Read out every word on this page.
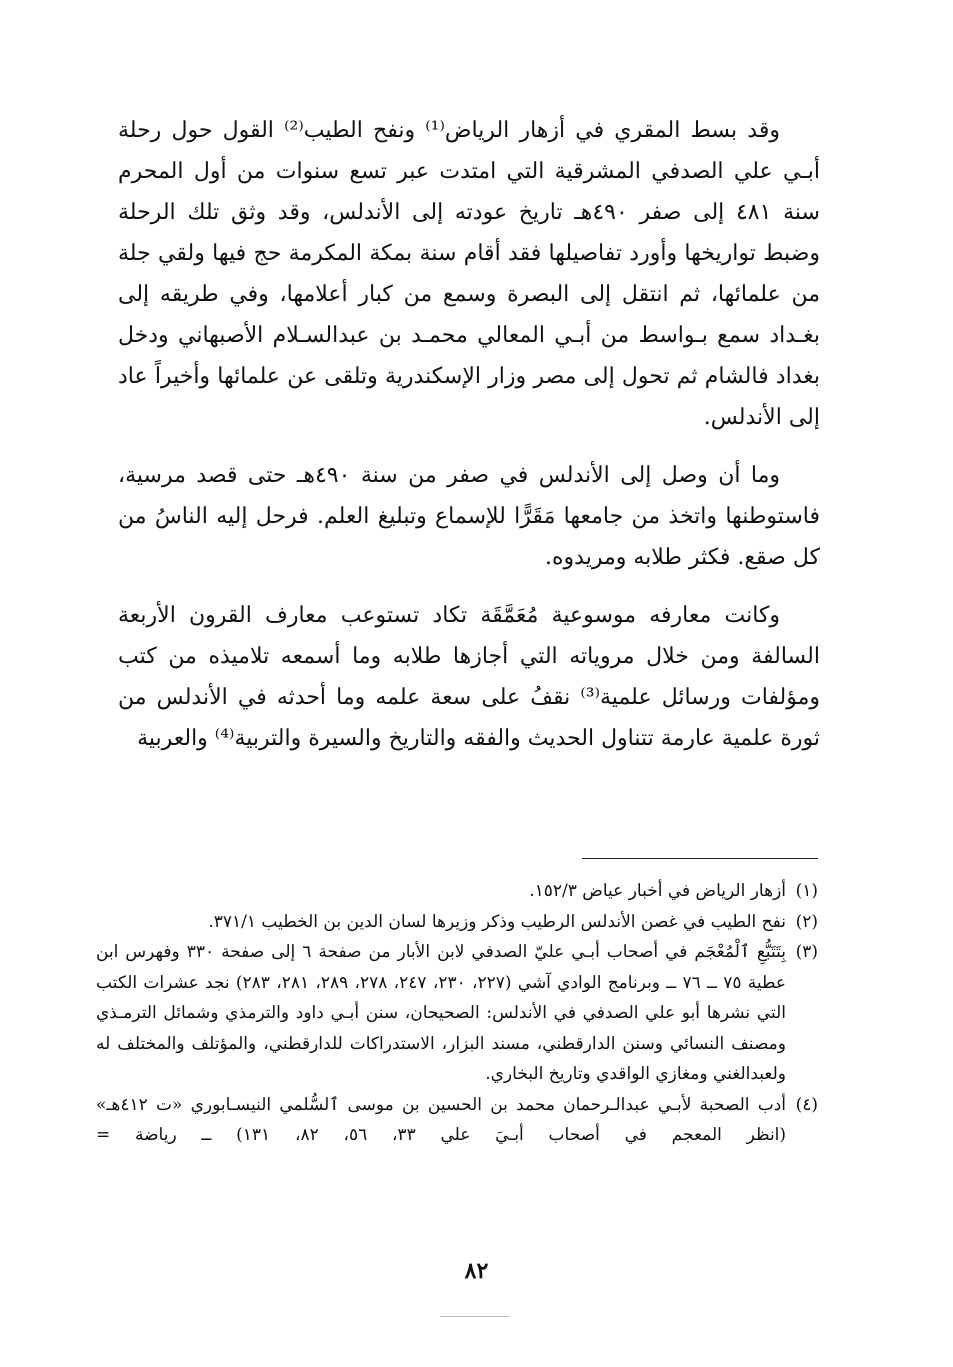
وقد بسط المقري في أزهار الرياض⁽¹⁾ ونفح الطيب⁽²⁾ القول حول رحلة أبـي علي الصدفي المشرقية التي امتدت عبر تسع سنوات من أول المحرم سنة ٤٨١ إلى صفر ٤٩٠هـ تاريخ عودته إلى الأندلس، وقد وثق تلك الرحلة وضبط تواريخها وأورد تفاصيلها فقد أقام سنة بمكة المكرمة حج فيها ولقي جلة من علمائها، ثم انتقل إلى البصرة وسمع من كبار أعلامها، وفي طريقه إلى بغـداد سمع بـواسط من أبـي المعالي محمـد بن عبدالسـلام الأصبهاني ودخل بغداد فالشام ثم تحول إلى مصر وزار الإسكندرية وتلقى عن علمائها وأخيراً عاد إلى الأندلس.

وما أن وصل إلى الأندلس في صفر من سنة ٤٩٠هـ حتى قصد مرسية، فاستوطنها واتخذ من جامعها مَقَرًّا للإسماع وتبليغ العلم. فرحل إليه الناسُ من كل صقع. فكثر طلابه ومريدوه.

وكانت معارفه موسوعية مُعَمَّقَة تكاد تستوعب معارف القرون الأربعة السالفة ومن خلال مروياته التي أجازها طلابه وما أسمعه تلاميذه من كتب ومؤلفات ورسائل علمية⁽³⁾ نقفُ على سعة علمه وما أحدثه في الأندلس من ثورة علمية عارمة تتناول الحديث والفقه والتاريخ والسيرة والتربية⁽⁴⁾ والعربية

(١)
أزهار الرياض في أخبار عياض ١٥٢/٣.
(٢)
نفح الطيب في غصن الأندلس الرطيب وذكر وزيرها لسان الدين بن الخطيب ٣٧١/١.
(٣)
بِتَتَبُّعِ ٱلْمُعْجَم في أصحاب أبـي عليّ الصدفي لابن الأبار من صفحة ٦ إلى صفحة ٣٣٠ وفهرس ابن عطية ٧٥ ــ ٧٦ ــ وبرنامج الوادي آشي (٢٢٧، ٢٣٠، ٢٤٧، ٢٧٨، ٢٨٩، ٢٨١، ٢٨٣) نجد عشرات الكتب التي نشرها أبو علي الصدفي في الأندلس: الصحيحان، سنن أبـي داود والترمذي وشمائل الترمـذي ومصنف النسائي وسنن الدارقطني، مسند البزار، الاستدراكات للدارقطني، والمؤتلف والمختلف له ولعبدالغني ومغازي الواقدي وتاريخ البخاري.
(٤)
أدب الصحبة لأبـي عبدالـرحمان محمد بن الحسين بن موسى ٱلسُّلمي النيسـابوري «ت ٤١٢هـ» (انظر المعجم في أصحاب أبـيَ علي ٣٣، ٥٦، ٨٢، ١٣١) ــ رياضة =
٨٢
